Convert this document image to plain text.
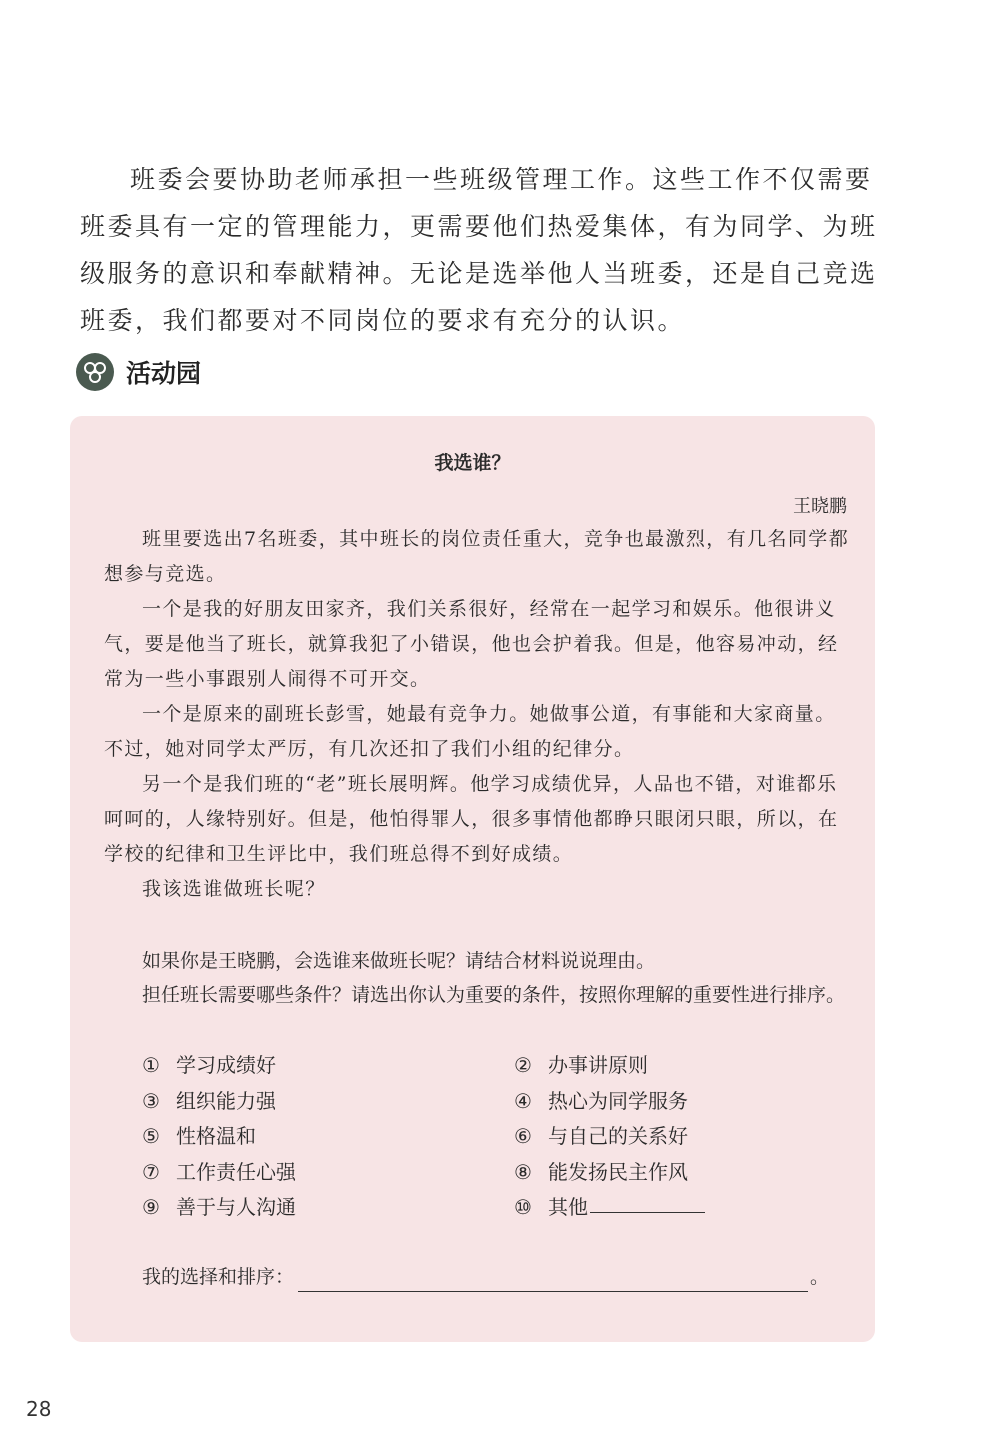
班委会要协助老师承担一些班级管理工作。这些工作不仅需要班委具有一定的管理能力，更需要他们热爱集体，有为同学、为班级服务的意识和奉献精神。无论是选举他人当班委，还是自己竞选班委，我们都要对不同岗位的要求有充分的认识。

活动园
我选谁？
王晓鹏

班里要选出7名班委，其中班长的岗位责任重大，竞争也最激烈，有几名同学都想参与竞选。

一个是我的好朋友田家齐，我们关系很好，经常在一起学习和娱乐。他很讲义气，要是他当了班长，就算我犯了小错误，他也会护着我。但是，他容易冲动，经常为一些小事跟别人闹得不可开交。

一个是原来的副班长彭雪，她最有竞争力。她做事公道，有事能和大家商量。不过，她对同学太严厉，有几次还扣了我们小组的纪律分。

另一个是我们班的“老”班长展明辉。他学习成绩优异，人品也不错，对谁都乐呵呵的，人缘特别好。但是，他怕得罪人，很多事情他都睁只眼闭只眼，所以，在学校的纪律和卫生评比中，我们班总得不到好成绩。

我该选谁做班长呢？

如果你是王晓鹏，会选谁来做班长呢？请结合材料说说理由。

担任班长需要哪些条件？请选出你认为重要的条件，按照你理解的重要性进行排序。

① 学习成绩好	② 办事讲原则
③ 组织能力强	④ 热心为同学服务
⑤ 性格温和	⑥ 与自己的关系好
⑦ 工作责任心强	⑧ 能发扬民主作风
⑨ 善于与人沟通	⑩ 其他
我的选择和排序：	。
28
